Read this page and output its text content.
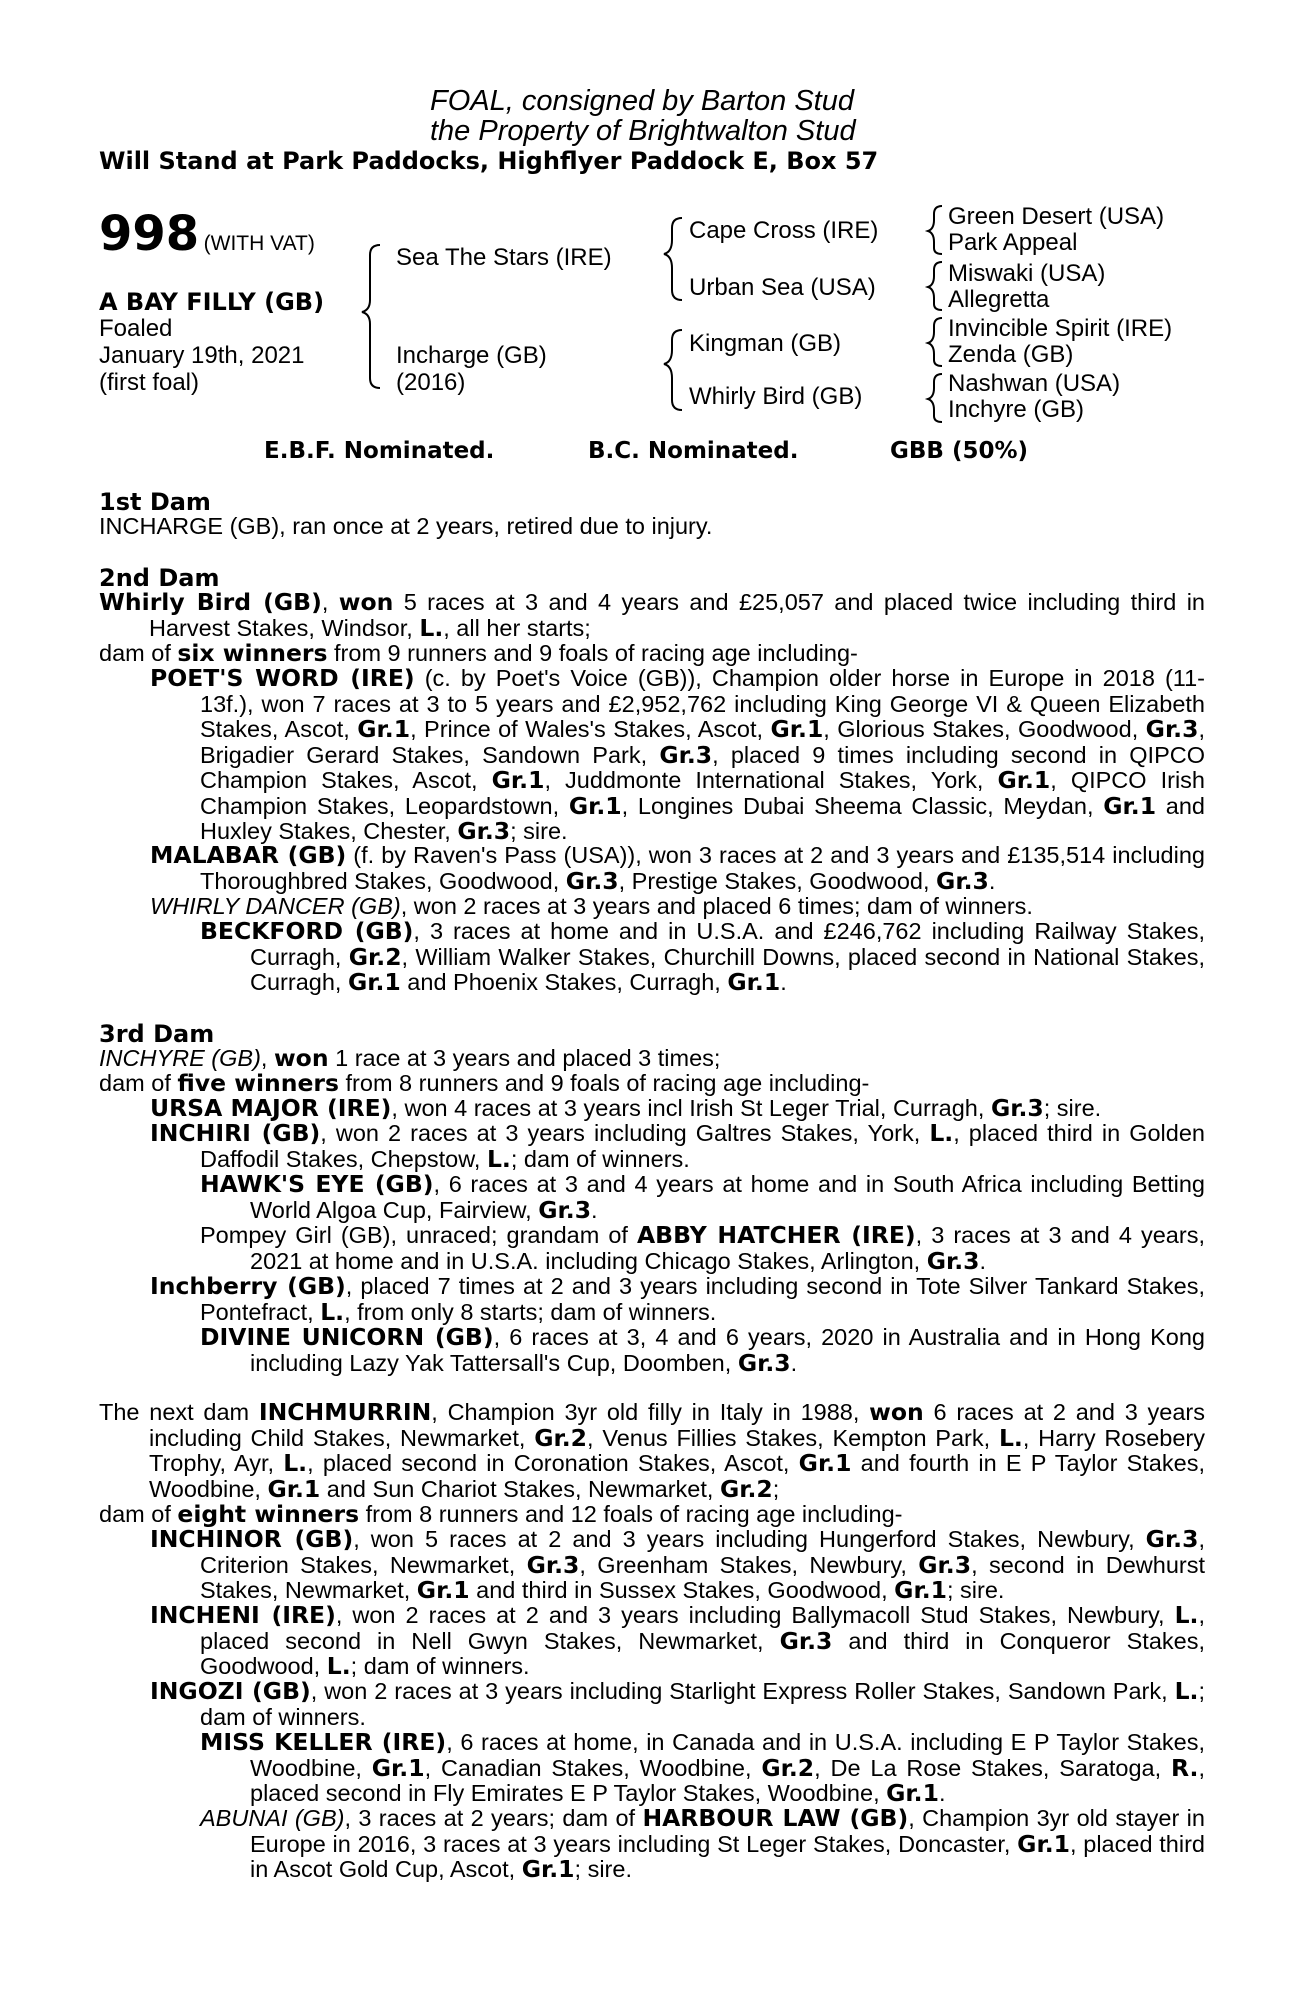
FOAL, consigned by Barton Stud
the Property of Brightwalton Stud
Will Stand at Park Paddocks, Highflyer Paddock E, Box 57
998 (WITH VAT)
A BAY FILLY (GB)
Foaled
January 19th, 2021
(first foal)
Sea The Stars (IRE)
Incharge (GB)
(2016)
Cape Cross (IRE)
Urban Sea (USA)
Kingman (GB)
Whirly Bird (GB)
Green Desert (USA)
Park Appeal
Miswaki (USA)
Allegretta
Invincible Spirit (IRE)
Zenda (GB)
Nashwan (USA)
Inchyre (GB)
E.B.F. Nominated.	B.C. Nominated.	GBB (50%)
1st Dam
INCHARGE (GB), ran once at 2 years, retired due to injury.
2nd Dam
Whirly Bird (GB), won 5 races at 3 and 4 years and £25,057 and placed twice including third in Harvest Stakes, Windsor, L., all her starts;
dam of six winners from 9 runners and 9 foals of racing age including-
POET'S WORD (IRE) (c. by Poet's Voice (GB)), Champion older horse in Europe in 2018 (11-13f.), won 7 races at 3 to 5 years and £2,952,762 including King George VI & Queen Elizabeth Stakes, Ascot, Gr.1, Prince of Wales's Stakes, Ascot, Gr.1, Glorious Stakes, Goodwood, Gr.3, Brigadier Gerard Stakes, Sandown Park, Gr.3, placed 9 times including second in QIPCO Champion Stakes, Ascot, Gr.1, Juddmonte International Stakes, York, Gr.1, QIPCO Irish Champion Stakes, Leopardstown, Gr.1, Longines Dubai Sheema Classic, Meydan, Gr.1 and Huxley Stakes, Chester, Gr.3; sire.
MALABAR (GB) (f. by Raven's Pass (USA)), won 3 races at 2 and 3 years and £135,514 including Thoroughbred Stakes, Goodwood, Gr.3, Prestige Stakes, Goodwood, Gr.3.
WHIRLY DANCER (GB), won 2 races at 3 years and placed 6 times; dam of winners.
BECKFORD (GB), 3 races at home and in U.S.A. and £246,762 including Railway Stakes, Curragh, Gr.2, William Walker Stakes, Churchill Downs, placed second in National Stakes, Curragh, Gr.1 and Phoenix Stakes, Curragh, Gr.1.
3rd Dam
INCHYRE (GB), won 1 race at 3 years and placed 3 times;
dam of five winners from 8 runners and 9 foals of racing age including-
URSA MAJOR (IRE), won 4 races at 3 years incl Irish St Leger Trial, Curragh, Gr.3; sire.
INCHIRI (GB), won 2 races at 3 years including Galtres Stakes, York, L., placed third in Golden Daffodil Stakes, Chepstow, L.; dam of winners.
HAWK'S EYE (GB), 6 races at 3 and 4 years at home and in South Africa including Betting World Algoa Cup, Fairview, Gr.3.
Pompey Girl (GB), unraced; grandam of ABBY HATCHER (IRE), 3 races at 3 and 4 years, 2021 at home and in U.S.A. including Chicago Stakes, Arlington, Gr.3.
Inchberry (GB), placed 7 times at 2 and 3 years including second in Tote Silver Tankard Stakes, Pontefract, L., from only 8 starts; dam of winners.
DIVINE UNICORN (GB), 6 races at 3, 4 and 6 years, 2020 in Australia and in Hong Kong including Lazy Yak Tattersall's Cup, Doomben, Gr.3.
The next dam INCHMURRIN, Champion 3yr old filly in Italy in 1988, won 6 races at 2 and 3 years including Child Stakes, Newmarket, Gr.2, Venus Fillies Stakes, Kempton Park, L., Harry Rosebery Trophy, Ayr, L., placed second in Coronation Stakes, Ascot, Gr.1 and fourth in E P Taylor Stakes, Woodbine, Gr.1 and Sun Chariot Stakes, Newmarket, Gr.2;
dam of eight winners from 8 runners and 12 foals of racing age including-
INCHINOR (GB), won 5 races at 2 and 3 years including Hungerford Stakes, Newbury, Gr.3, Criterion Stakes, Newmarket, Gr.3, Greenham Stakes, Newbury, Gr.3, second in Dewhurst Stakes, Newmarket, Gr.1 and third in Sussex Stakes, Goodwood, Gr.1; sire.
INCHENI (IRE), won 2 races at 2 and 3 years including Ballymacoll Stud Stakes, Newbury, L., placed second in Nell Gwyn Stakes, Newmarket, Gr.3 and third in Conqueror Stakes, Goodwood, L.; dam of winners.
INGOZI (GB), won 2 races at 3 years including Starlight Express Roller Stakes, Sandown Park, L.; dam of winners.
MISS KELLER (IRE), 6 races at home, in Canada and in U.S.A. including E P Taylor Stakes, Woodbine, Gr.1, Canadian Stakes, Woodbine, Gr.2, De La Rose Stakes, Saratoga, R., placed second in Fly Emirates E P Taylor Stakes, Woodbine, Gr.1.
ABUNAI (GB), 3 races at 2 years; dam of HARBOUR LAW (GB), Champion 3yr old stayer in Europe in 2016, 3 races at 3 years including St Leger Stakes, Doncaster, Gr.1, placed third in Ascot Gold Cup, Ascot, Gr.1; sire.
